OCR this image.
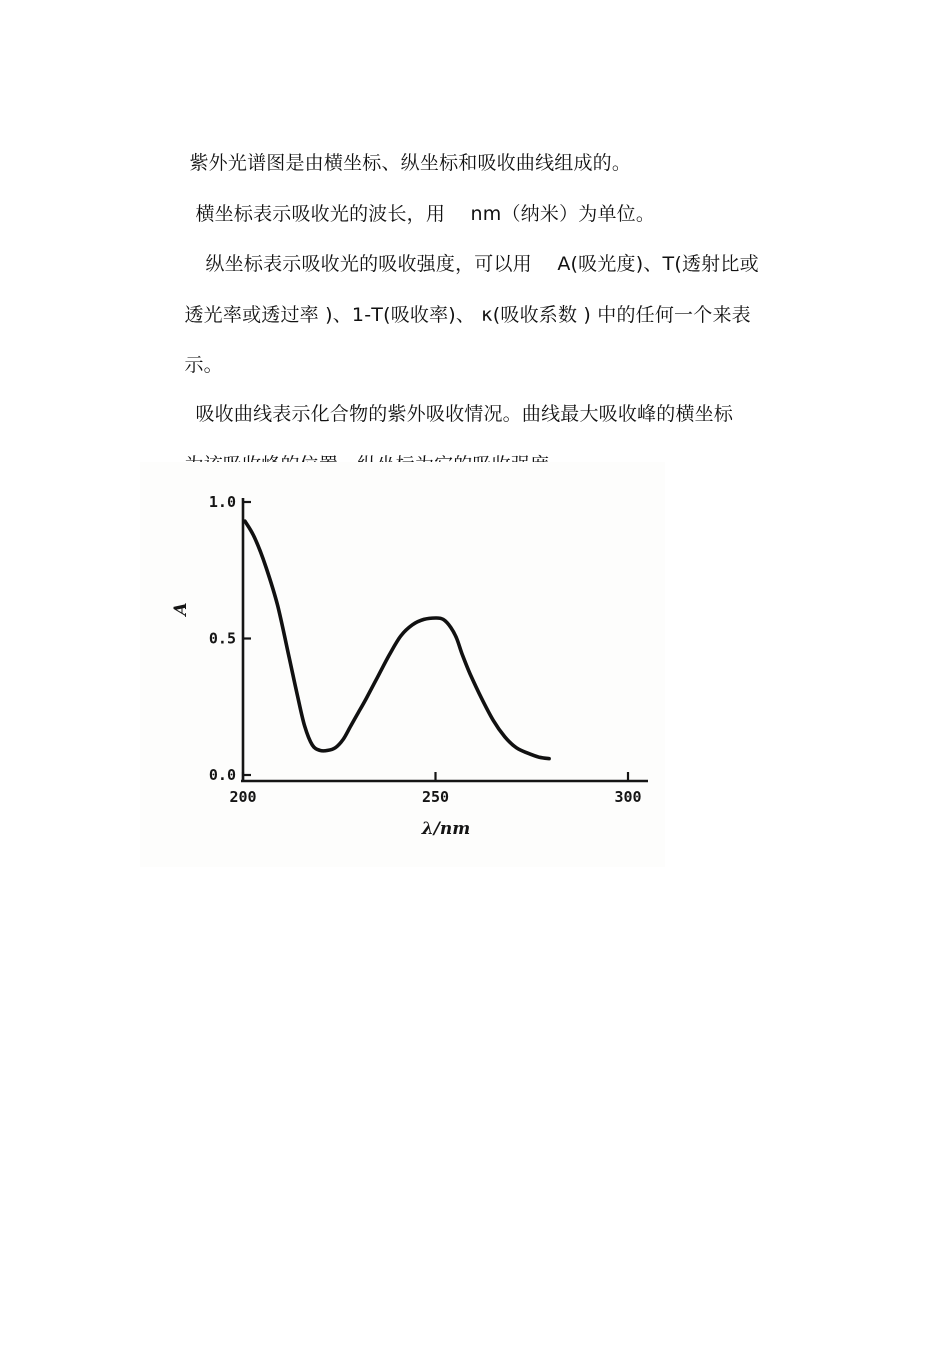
紫外光谱图是由横坐标、纵坐标和吸收曲线组成的。

横坐标表示吸收光的波长，用　 nm（纳米）为单位。

纵坐标表示吸收光的吸收强度，可以用　 A(吸光度)、T(透射比或

透光率或透过率 )、1-T(吸收率)、 κ(吸收系数 ) 中的任何一个来表

示。

吸收曲线表示化合物的紫外吸收情况。曲线最大吸收峰的横坐标

0.0
0.5
1.0
200	250	300
A
λ/nm
